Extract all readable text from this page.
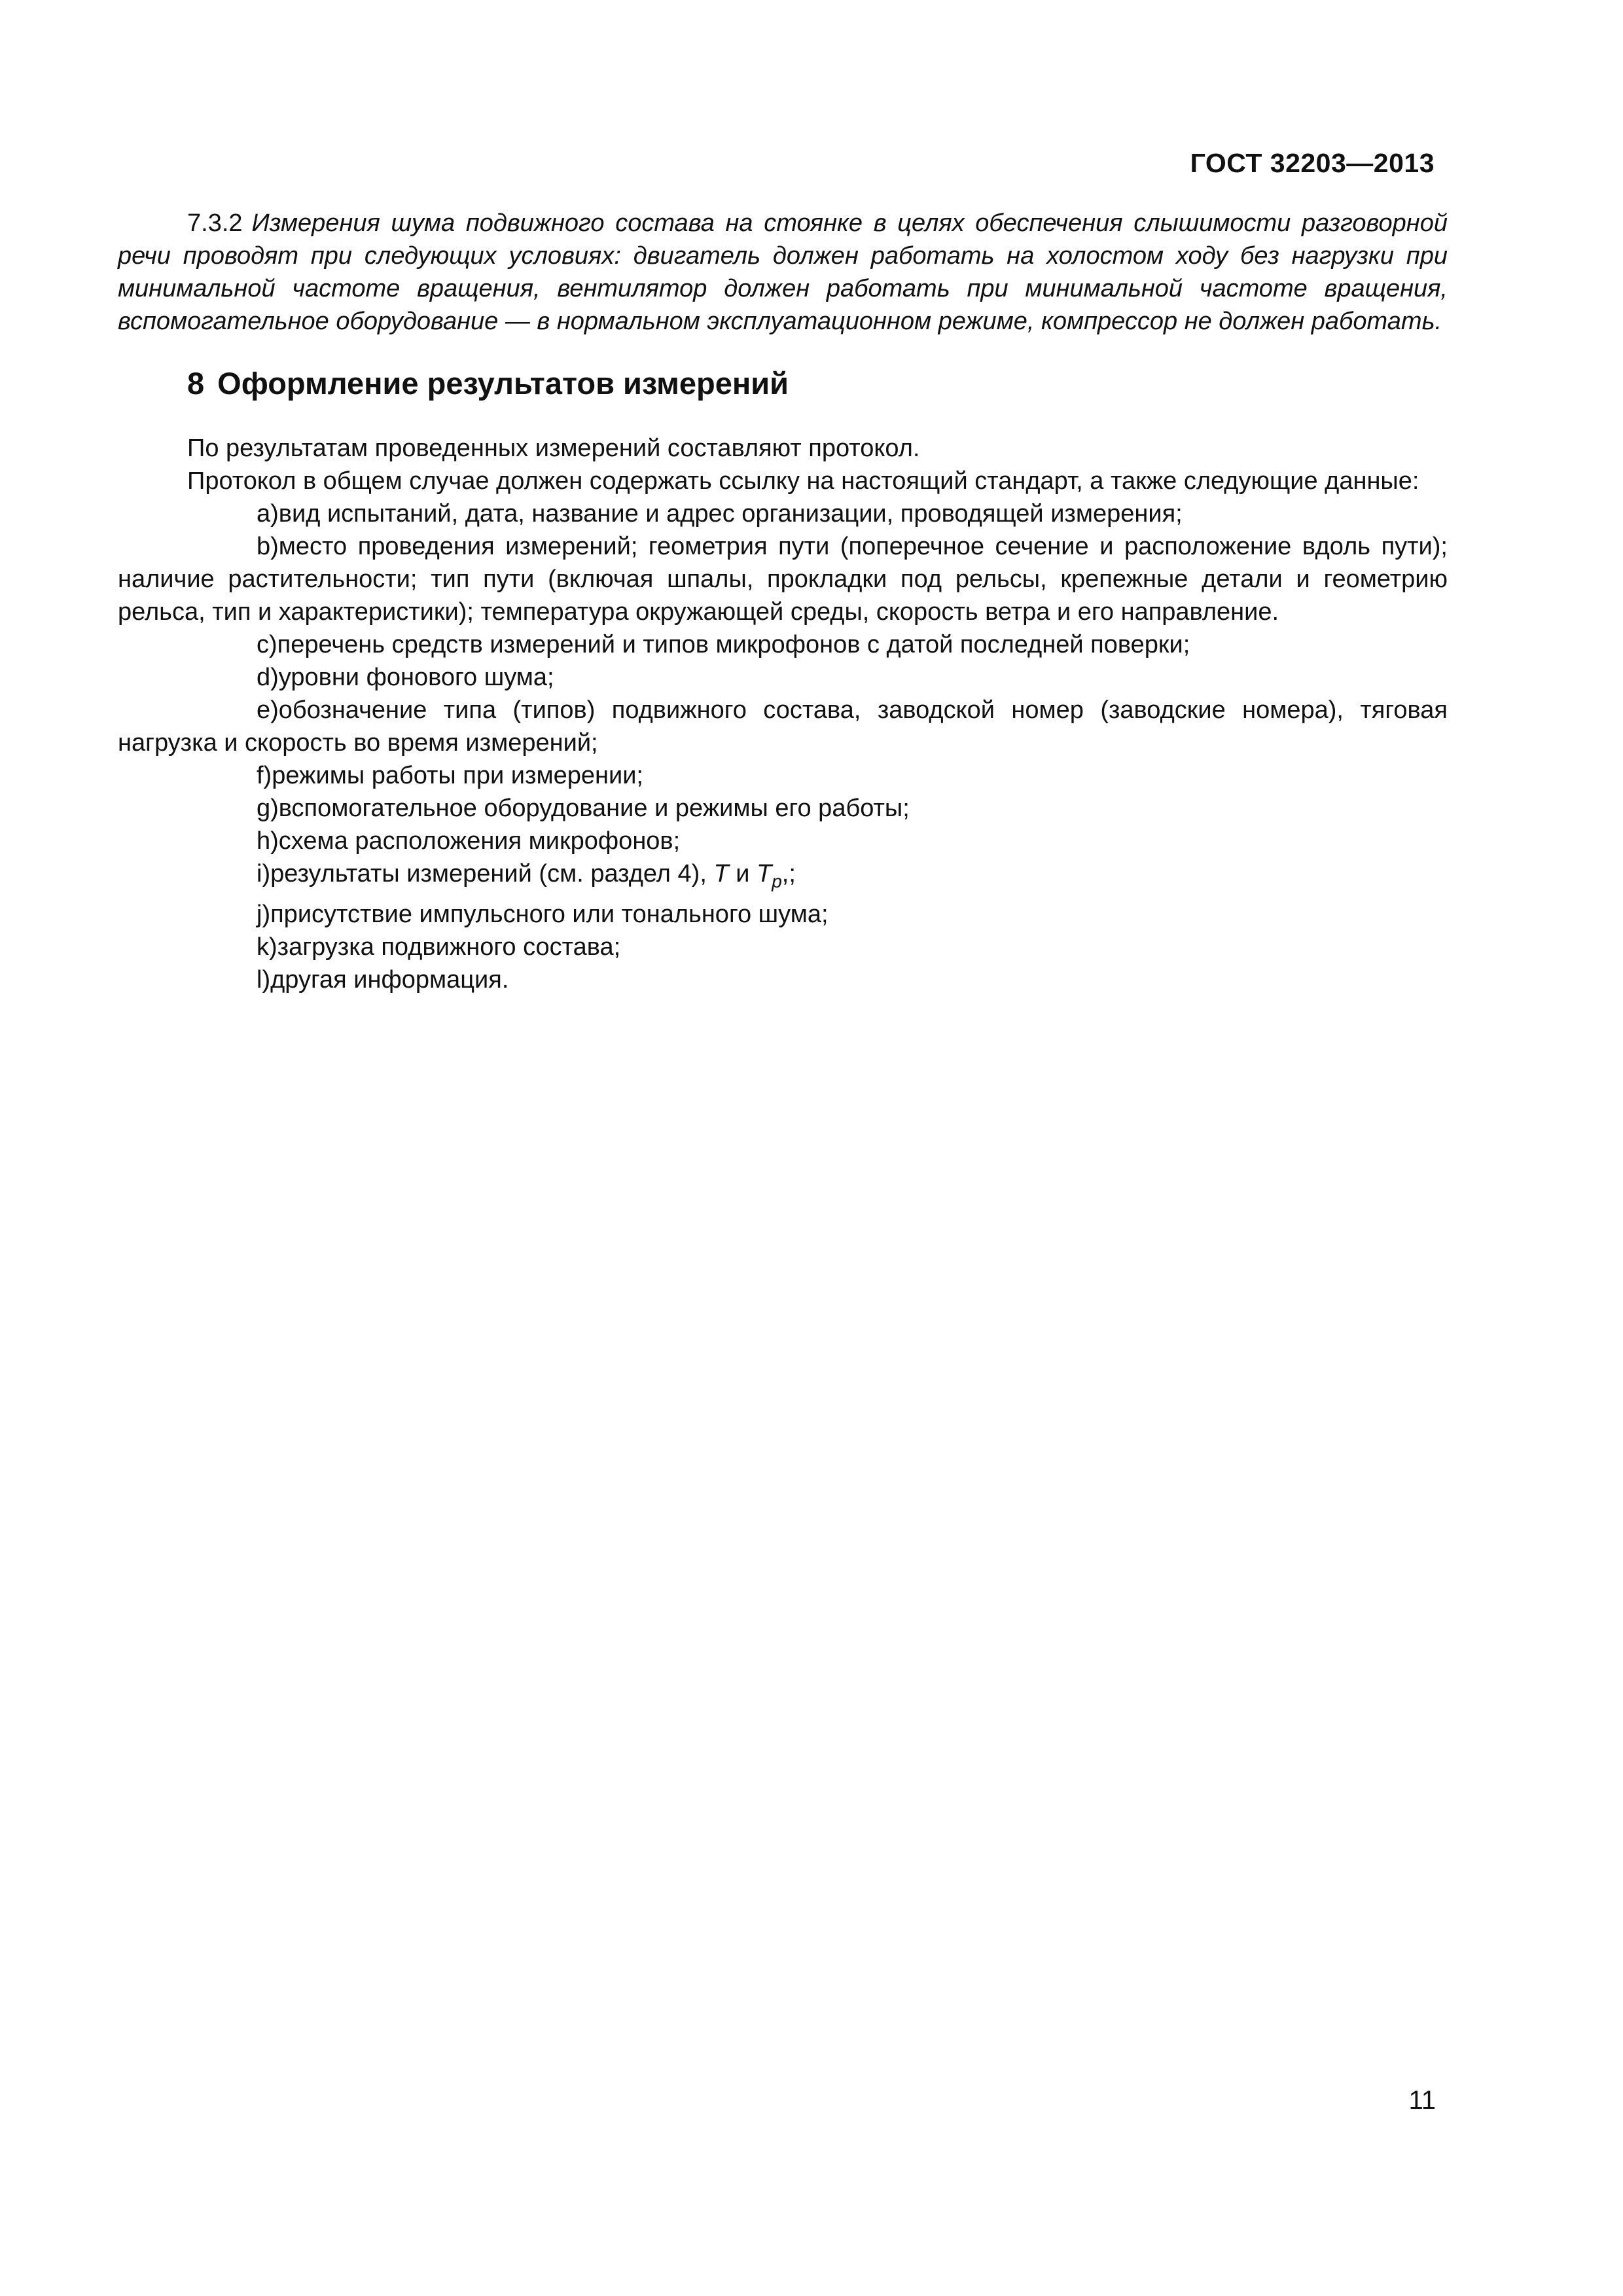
ГОСТ 32203—2013

7.3.2 Измерения шума подвижного состава на стоянке в целях обеспечения слышимости разговорной речи проводят при следующих условиях: двигатель должен работать на холостом ходу без нагрузки при минимальной частоте вращения, вентилятор должен работать при минимальной частоте вращения, вспомогательное оборудование — в нормальном эксплуатационном режиме, компрессор не должен работать.

8 Оформление результатов измерений

По результатам проведенных измерений составляют протокол.

Протокол в общем случае должен содержать ссылку на настоящий стандарт, а также следующие данные:

a)вид испытаний, дата, название и адрес организации, проводящей измерения;

b)место проведения измерений; геометрия пути (поперечное сечение и расположение вдоль пути); наличие растительности; тип пути (включая шпалы, прокладки под рельсы, крепежные детали и геометрию рельса, тип и характеристики); температура окружающей среды, скорость ветра и его направление.

c)перечень средств измерений и типов микрофонов с датой последней поверки;

d)уровни фонового шума;

e)обозначение типа (типов) подвижного состава, заводской номер (заводские номера), тяговая нагрузка и скорость во время измерений;

f)режимы работы при измерении;

g)вспомогательное оборудование и режимы его работы;

h)схема расположения микрофонов;

i)результаты измерений (см. раздел 4), T и $T_p$,;

j)присутствие импульсного или тонального шума;

k)загрузка подвижного состава;

l)другая информация.

11
